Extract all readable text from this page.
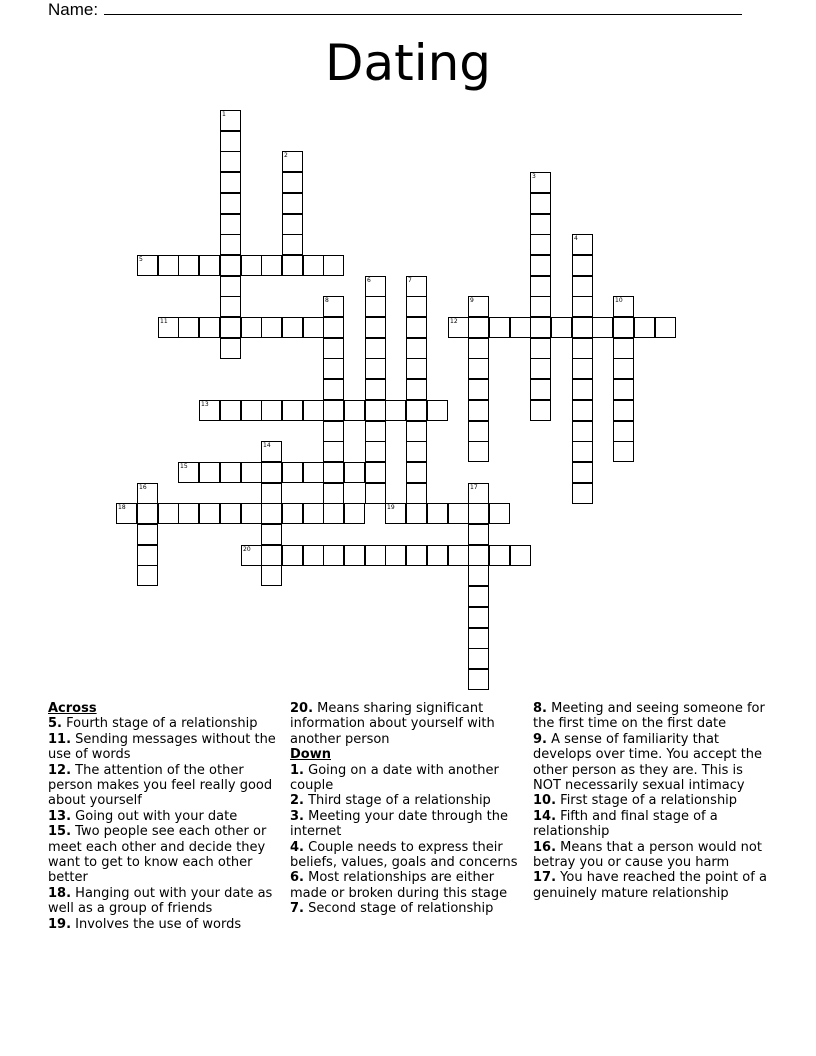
Name:
Dating
1
2
3
4
5
6	7
8	9	10
11	12
13
14
15
16	17
18	19
20
Across
5. Fourth stage of a relationship
11. Sending messages without the use of words
12. The attention of the other person makes you feel really good about yourself
13. Going out with your date
15. Two people see each other or meet each other and decide they want to get to know each other better
18. Hanging out with your date as well as a group of friends
19. Involves the use of words
20. Means sharing significant information about yourself with another person
Down
1. Going on a date with another couple
2. Third stage of a relationship
3. Meeting your date through the internet
4. Couple needs to express their beliefs, values, goals and concerns
6. Most relationships are either made or broken during this stage
7. Second stage of relationship
8. Meeting and seeing someone for the first time on the first date
9. A sense of familiarity that develops over time. You accept the other person as they are. This is NOT necessarily sexual intimacy
10. First stage of a relationship
14. Fifth and final stage of a relationship
16. Means that a person would not betray you or cause you harm
17. You have reached the point of a genuinely mature relationship
